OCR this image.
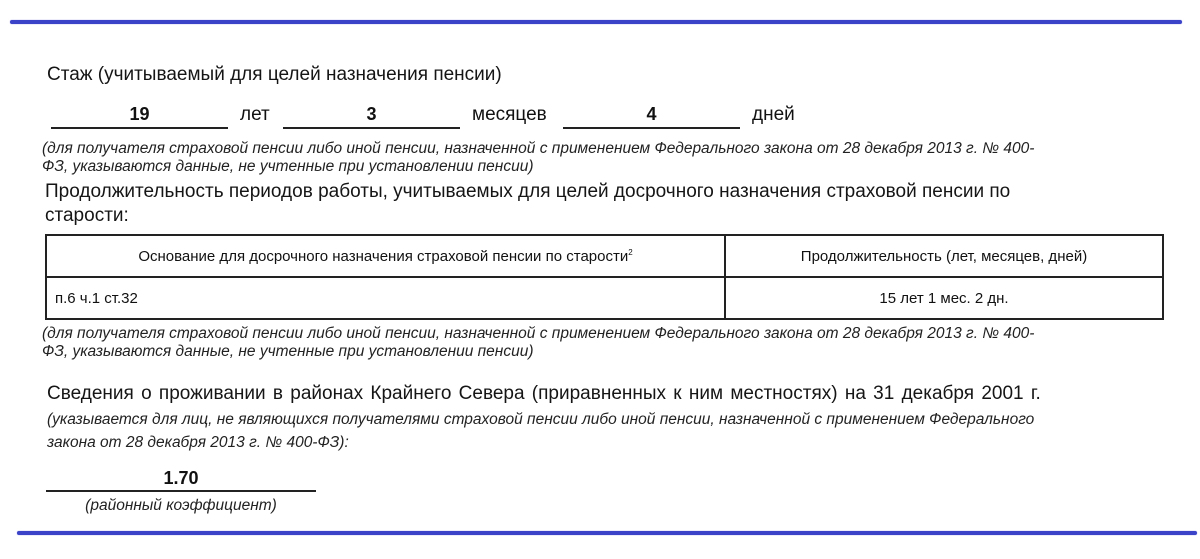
Стаж (учитываемый для целей назначения пенсии)
19	лет	3	месяцев	4	дней
(для получателя страховой пенсии либо иной пенсии, назначенной с применением Федерального закона от 28 декабря 2013 г. № 400-
ФЗ, указываются данные, не учтенные при установлении пенсии)
Продолжительность периодов работы, учитываемых для целей досрочного назначения страховой пенсии по
старости:
Основание для досрочного назначения страховой пенсии по старости$^2$	Продолжительность (лет, месяцев, дней)
п.6 ч.1 ст.32	15 лет 1 мес. 2 дн.
(для получателя страховой пенсии либо иной пенсии, назначенной с применением Федерального закона от 28 декабря 2013 г. № 400-
ФЗ, указываются данные, не учтенные при установлении пенсии)
Сведения о проживании в районах Крайнего Севера (приравненных к ним местностях) на 31 декабря 2001 г.
(указывается для лиц, не являющихся получателями страховой пенсии либо иной пенсии, назначенной с применением Федерального
закона от 28 декабря 2013 г. № 400-ФЗ):
1.70
(районный коэффициент)
